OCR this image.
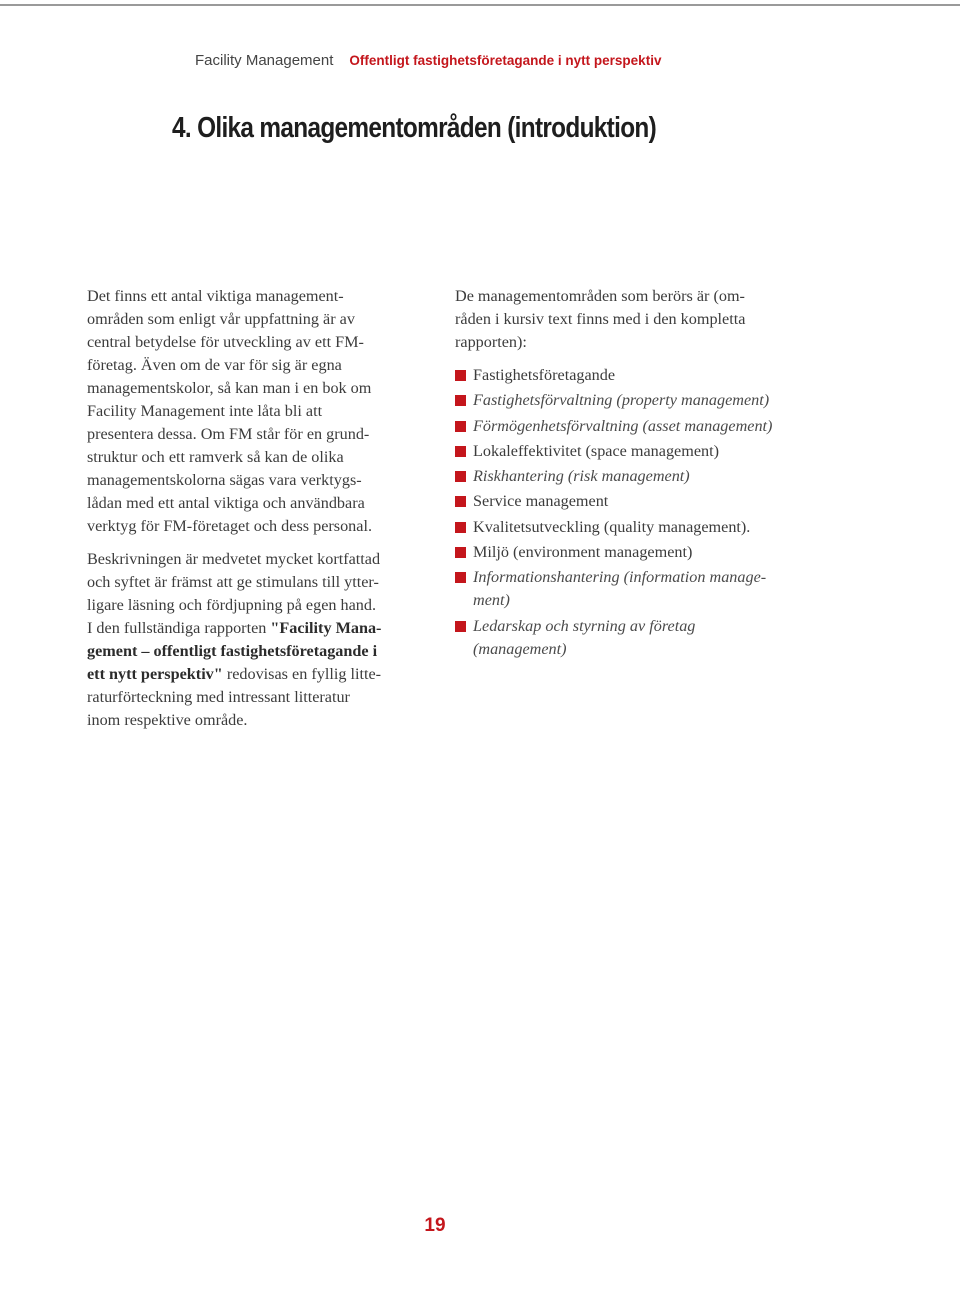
Facility Management Offentligt fastighetsföretagande i nytt perspektiv
4. Olika managementområden (introduktion)

Det finns ett antal viktiga management-
områden som enligt vår uppfattning är av
central betydelse för utveckling av ett FM-
företag. Även om de var för sig är egna
managementskolor, så kan man i en bok om
Facility Management inte låta bli att
presentera dessa. Om FM står för en grund-
struktur och ett ramverk så kan de olika
managementskolorna sägas vara verktygs-
lådan med ett antal viktiga och användbara
verktyg för FM-företaget och dess personal.

Beskrivningen är medvetet mycket kortfattad
och syftet är främst att ge stimulans till ytter-
ligare läsning och fördjupning på egen hand.
I den fullständiga rapporten "Facility Mana-
gement – offentligt fastighetsföretagande i
ett nytt perspektiv" redovisas en fyllig litte-
raturförteckning med intressant litteratur
inom respektive område.

De managementområden som berörs är (om-
råden i kursiv text finns med i den kompletta
rapporten):

Fastighetsföretagande
Fastighetsförvaltning (property management)
Förmögenhetsförvaltning (asset management)
Lokaleffektivitet (space management)
Riskhantering (risk management)
Service management
Kvalitetsutveckling (quality management).
Miljö (environment management)
Informationshantering (information manage-
ment)
Ledarskap och styrning av företag
(management)
19
